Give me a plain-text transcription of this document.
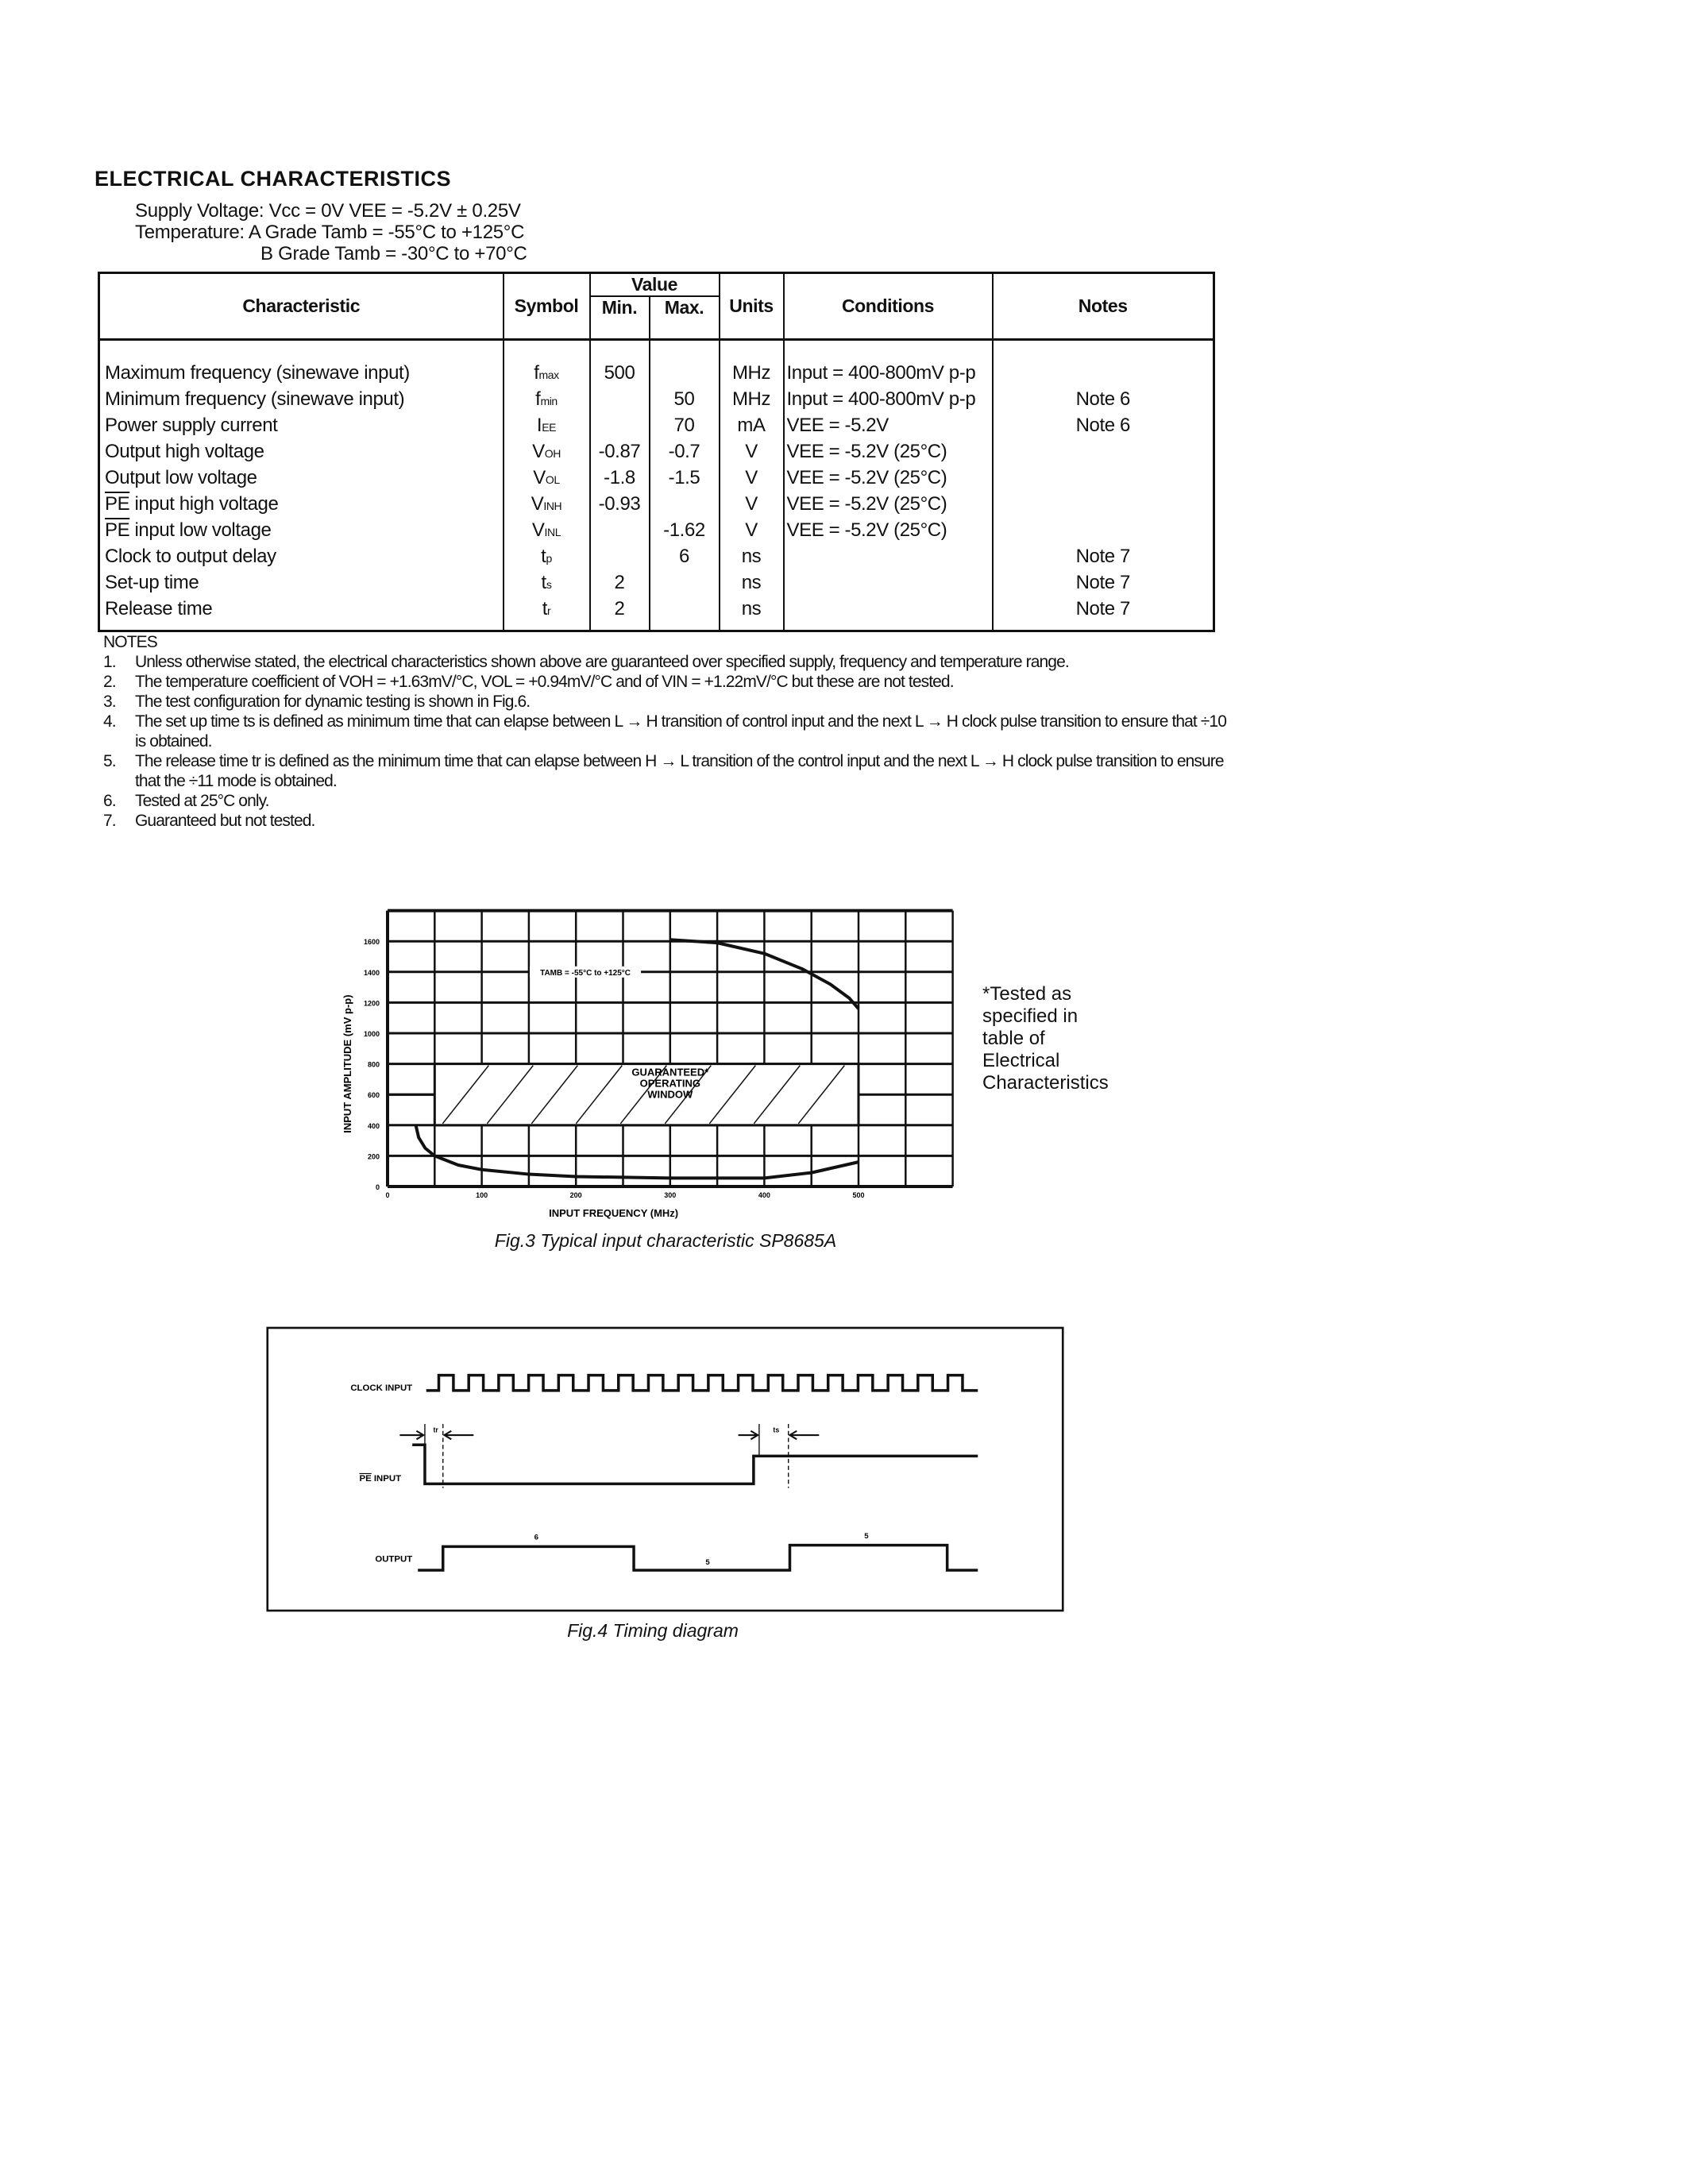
ELECTRICAL CHARACTERISTICS
Supply Voltage: Vcc = 0V VEE = -5.2V ± 0.25V
Temperature: A Grade Tamb = -55°C to +125°C
B Grade Tamb = -30°C to +70°C
Characteristic	Symbol	Value		Units	Conditions	Notes
		Min.	Max.			
Maximum frequency (sinewave input)	fmax	500		MHz	Input = 400-800mV p-p	
Minimum frequency (sinewave input)	fmin		50	MHz	Input = 400-800mV p-p	Note 6
Power supply current	IEE		70	mA	VEE = -5.2V	Note 6
Output high voltage	VOH	-0.87	-0.7	V	VEE = -5.2V (25°C)	
Output low voltage	VOL	-1.8	-1.5	V	VEE = -5.2V (25°C)	
$\overline{PE}$ input high voltage	VINH	-0.93		V	VEE = -5.2V (25°C)	
$\overline{PE}$ input low voltage	VINL		-1.62	V	VEE = -5.2V (25°C)	
Clock to output delay	tp		6	ns		Note 7
Set-up time	ts	2		ns		Note 7
Release time	tr	2		ns		Note 7
NOTES
1.	Unless otherwise stated, the electrical characteristics shown above are guaranteed over specified supply, frequency and temperature range.
2.	The temperature coefficient of VOH = +1.63mV/°C, VOL = +0.94mV/°C and of VIN = +1.22mV/°C but these are not tested.
3.	The test configuration for dynamic testing is shown in Fig.6.
4.	The set up time ts is defined as minimum time that can elapse between L → H transition of control input and the next L → H clock pulse transition to ensure that ÷10 is obtained.
5.	The release time tr is defined as the minimum time that can elapse between H → L transition of the control input and the next L → H clock pulse transition to ensure that the ÷11 mode is obtained.
6.	Tested at 25°C only.
7.	Guaranteed but not tested.
GUARANTEED* OPERATING WINDOW
TAMB = -55°C to +125°C
0	100	200	300	400	500
0
200
400
600
800
1000
1200
1400
1600
INPUT FREQUENCY (MHz)
INPUT AMPLITUDE (mV p-p)
*Tested as
specified in
table of
Electrical
Characteristics
Fig.3 Typical input characteristic SP8685A
CLOCK INPUT
PE INPUT
tr	ts
OUTPUT
6
5
5
Fig.4 Timing diagram
